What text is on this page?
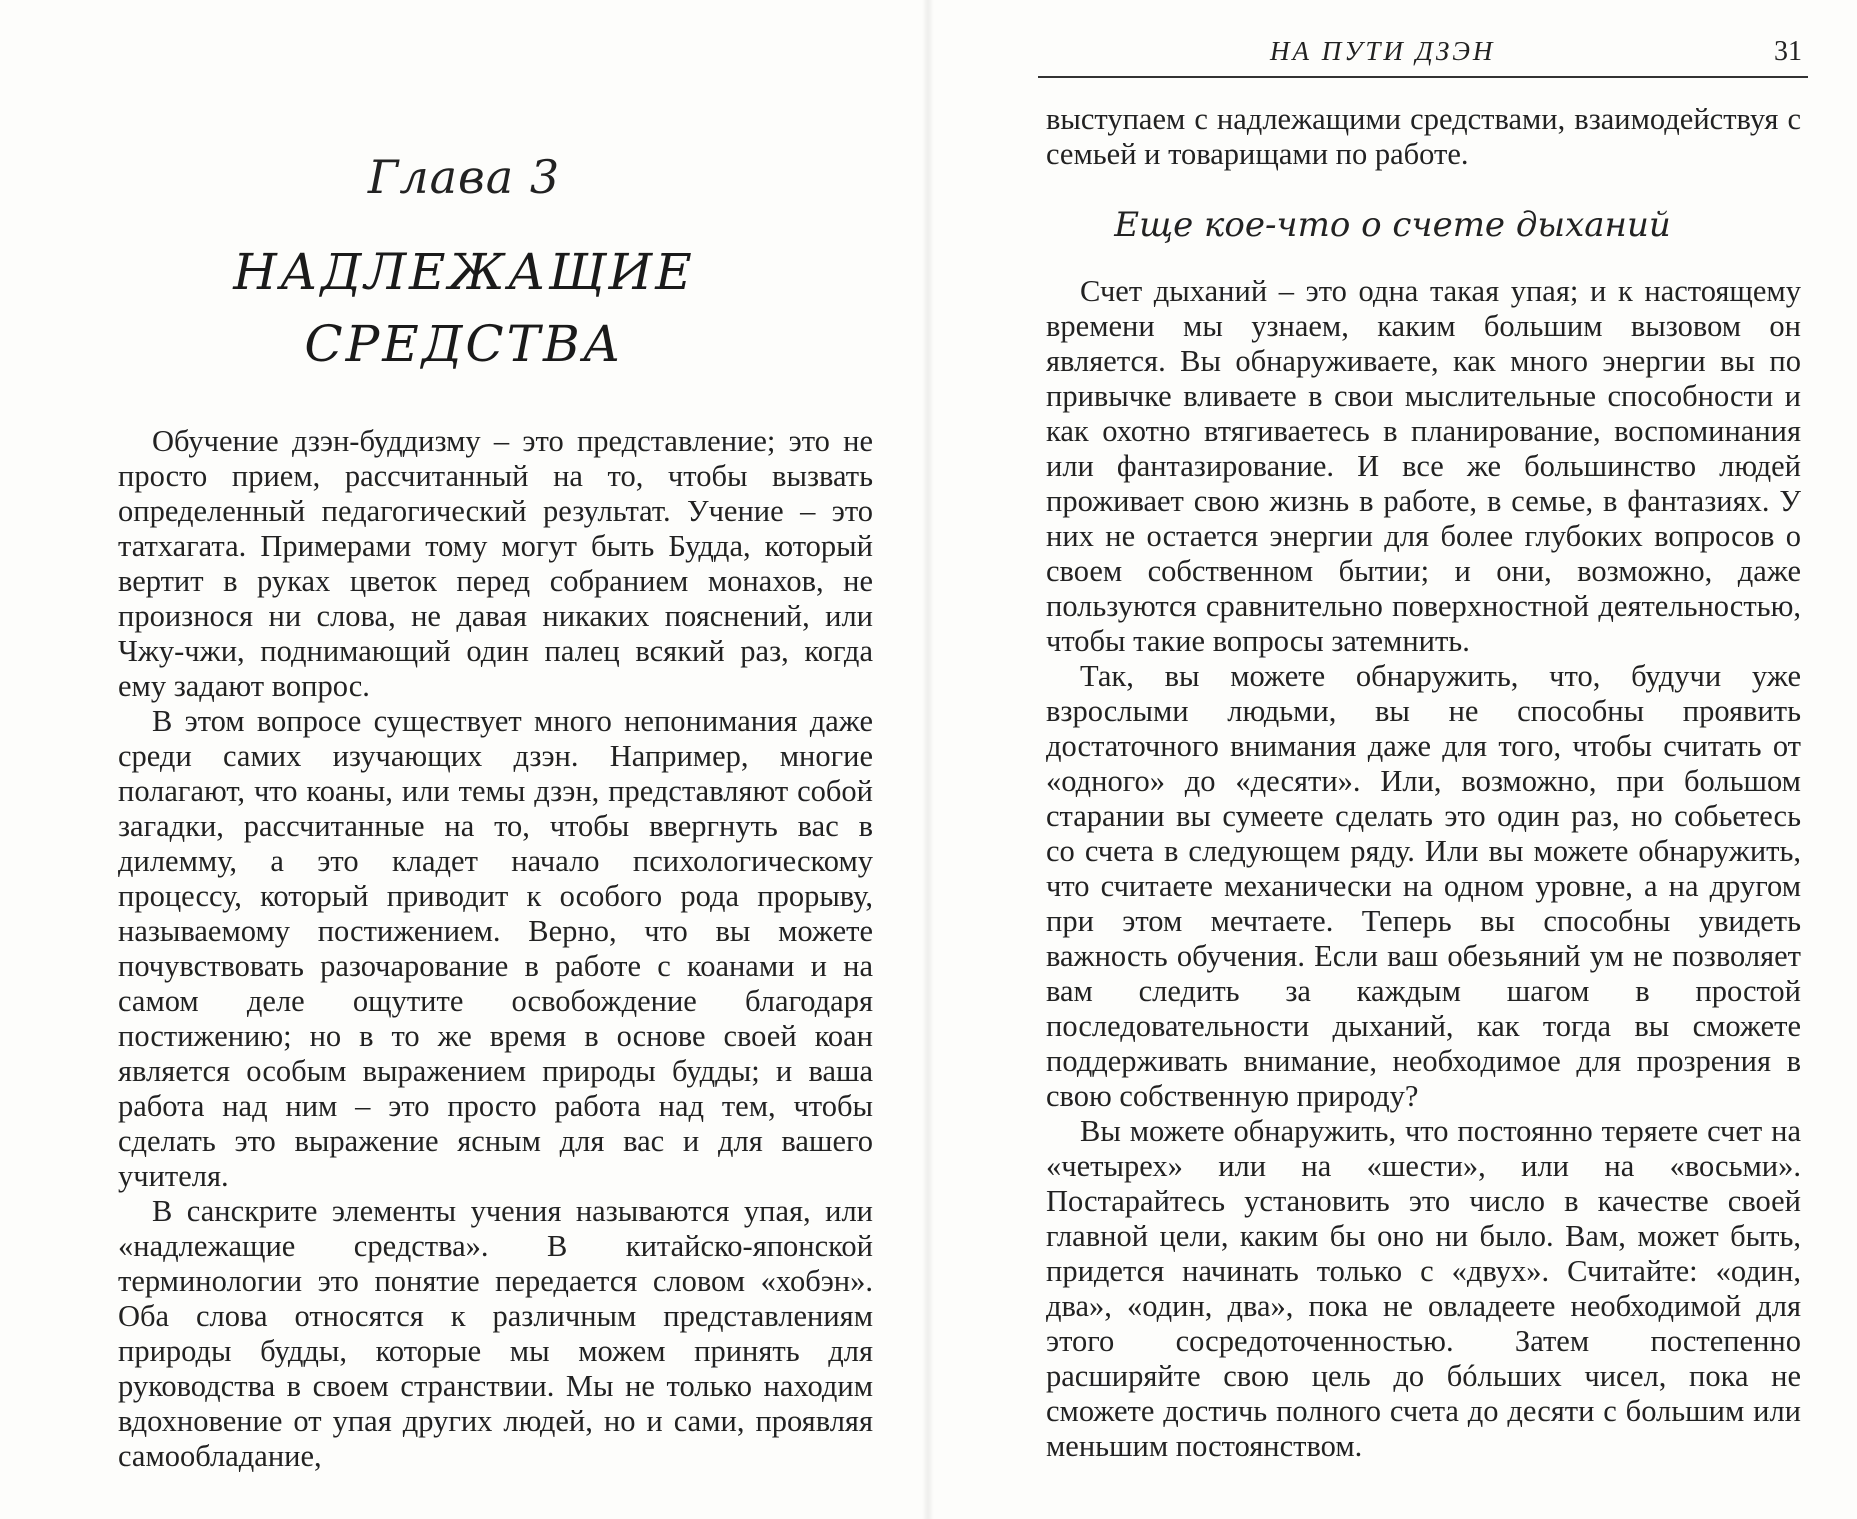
Глава 3
НАДЛЕЖАЩИЕ
СРЕДСТВА

Обучение дзэн-буддизму – это представление; это не просто прием, рассчитанный на то, чтобы вызвать определенный педагогический результат. Учение – это татхагата. Примерами тому могут быть Будда, который вертит в руках цветок перед собранием монахов, не произнося ни слова, не давая никаких пояснений, или Чжу-чжи, поднимающий один палец всякий раз, когда ему задают вопрос.

В этом вопросе существует много непонимания даже среди самих изучающих дзэн. Например, многие полагают, что коаны, или темы дзэн, представляют собой загадки, рассчитанные на то, чтобы ввергнуть вас в дилемму, а это кладет начало психологическому процессу, который приводит к особого рода прорыву, называемому постижением. Верно, что вы можете почувствовать разочарование в работе с коанами и на самом деле ощутите освобождение благодаря постижению; но в то же время в основе своей коан является особым выражением природы будды; и ваша работа над ним – это просто работа над тем, чтобы сделать это выражение ясным для вас и для вашего учителя.

В санскрите элементы учения называются упая, или «надлежащие средства». В китайско-японской терминологии это понятие передается словом «хобэн». Оба слова относятся к различным представлениям природы будды, которые мы можем принять для руководства в своем странствии. Мы не только находим вдохновение от упая других людей, но и сами, проявляя самообладание,

НА ПУТИ ДЗЭН	31

выступаем с надлежащими средствами, взаимодействуя с семьей и товарищами по работе.

Еще кое-что о счете дыханий

Счет дыханий – это одна такая упая; и к настоящему времени мы узнаем, каким большим вызовом он является. Вы обнаруживаете, как много энергии вы по привычке вливаете в свои мыслительные способности и как охотно втягиваетесь в планирование, воспоминания или фантазирование. И все же большинство людей проживает свою жизнь в работе, в семье, в фантазиях. У них не остается энергии для более глубоких вопросов о своем собственном бытии; и они, возможно, даже пользуются сравнительно поверхностной деятельностью, чтобы такие вопросы затемнить.

Так, вы можете обнаружить, что, будучи уже взрослыми людьми, вы не способны проявить достаточного внимания даже для того, чтобы считать от «одного» до «десяти». Или, возможно, при большом старании вы сумеете сделать это один раз, но собьетесь со счета в следующем ряду. Или вы можете обнаружить, что считаете механически на одном уровне, а на другом при этом мечтаете. Теперь вы способны увидеть важность обучения. Если ваш обезьяний ум не позволяет вам следить за каждым шагом в простой последовательности дыханий, как тогда вы сможете поддерживать внимание, необходимое для прозрения в свою собственную природу?

Вы можете обнаружить, что постоянно теряете счет на «четырех» или на «шести», или на «восьми». Постарайтесь установить это число в качестве своей главной цели, каким бы оно ни было. Вам, может быть, придется начинать только с «двух». Считайте: «один, два», «один, два», пока не овладеете необходимой для этого сосредоточенностью. Затем постепенно расширяйте свою цель до бóльших чисел, пока не сможете достичь полного счета до десяти с большим или меньшим постоянством.
